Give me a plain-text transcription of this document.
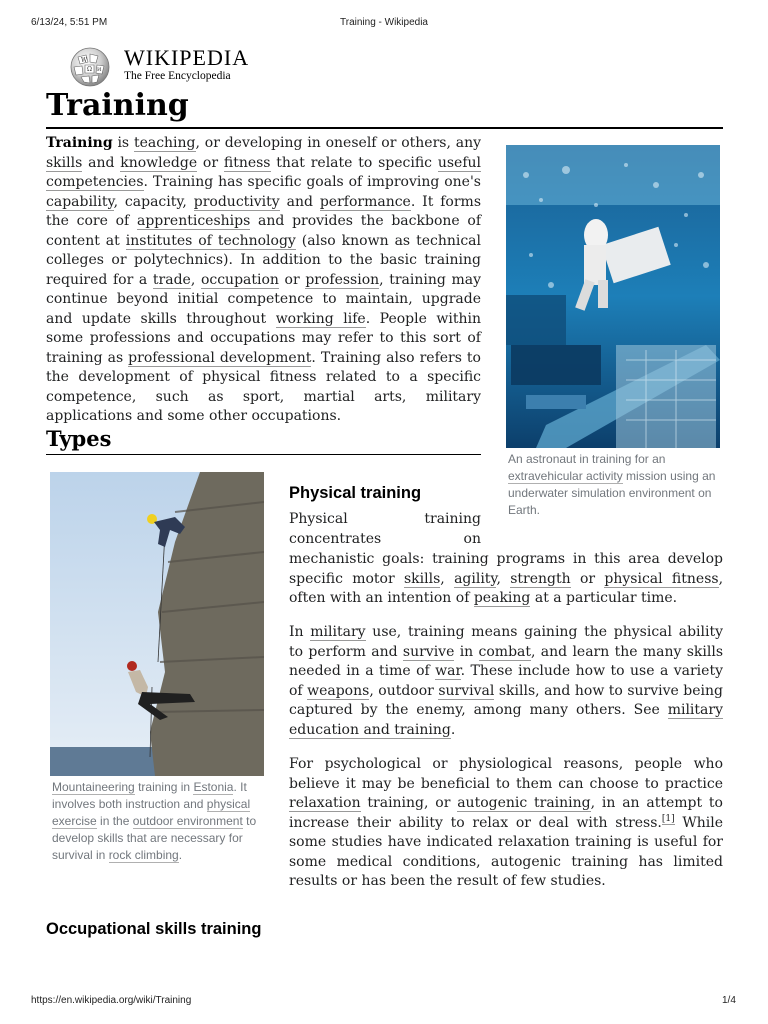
6/13/24, 5:51 PM	Training - Wikipedia
W
Ω И WIKIPEDIA
The Free Encyclopedia
Training

Training is teaching, or developing in oneself or others, any skills and knowledge or fitness that relate to specific useful competencies. Training has specific goals of improving one's capability, capacity, productivity and performance. It forms the core of apprenticeships and provides the backbone of content at institutes of technology (also known as technical colleges or polytechnics). In addition to the basic training required for a trade, occupation or profession, training may continue beyond initial competence to maintain, upgrade and update skills throughout working life. People within some professions and occupations may refer to this sort of training as professional development. Training also refers to the development of physical fitness related to a specific competence, such as sport, martial arts, military applications and some other occupations.

An astronaut in training for an extravehicular activity mission using an underwater simulation environment on Earth.

Types

Mountaineering training in Estonia. It involves both instruction and physical exercise in the outdoor environment to develop skills that are necessary for survival in rock climbing.

Physical training
Physical	training
concentrates	on

mechanistic goals: training programs in this area develop specific motor skills, agility, strength or physical fitness, often with an intention of peaking at a particular time.

In military use, training means gaining the physical ability to perform and survive in combat, and learn the many skills needed in a time of war. These include how to use a variety of weapons, outdoor survival skills, and how to survive being captured by the enemy, among many others. See military education and training.

For psychological or physiological reasons, people who believe it may be beneficial to them can choose to practice relaxation training, or autogenic training, in an attempt to increase their ability to relax or deal with stress.[1] While some studies have indicated relaxation training is useful for some medical conditions, autogenic training has limited results or has been the result of few studies.

Occupational skills training
https://en.wikipedia.org/wiki/Training	1/4
